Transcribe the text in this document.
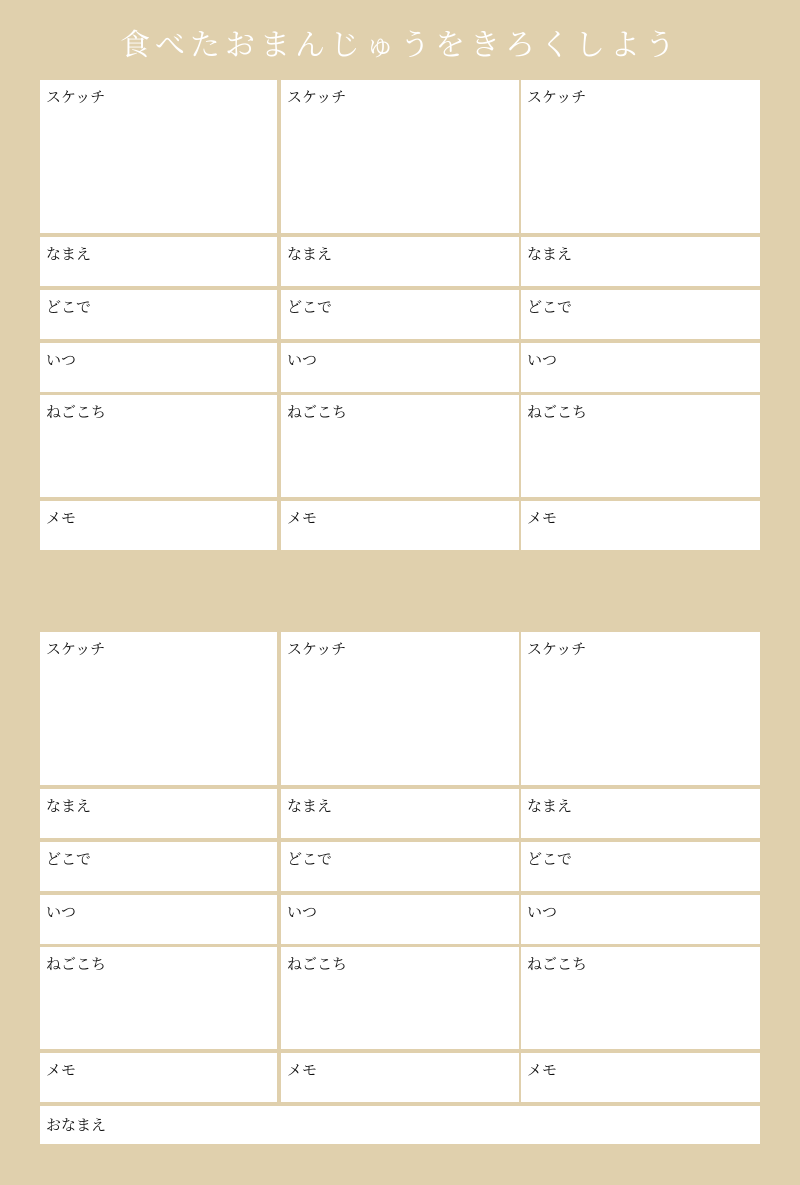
食べたおまんじゅうをきろくしよう
スケッチ	スケッチ	スケッチ
なまえ	なまえ	なまえ
どこで	どこで	どこで
いつ	いつ	いつ
ねごこち	ねごこち	ねごこち
メモ	メモ	メモ
スケッチ	スケッチ	スケッチ
なまえ	なまえ	なまえ
どこで	どこで	どこで
いつ	いつ	いつ
ねごこち	ねごこち	ねごこち
メモ	メモ	メモ
おなまえ
